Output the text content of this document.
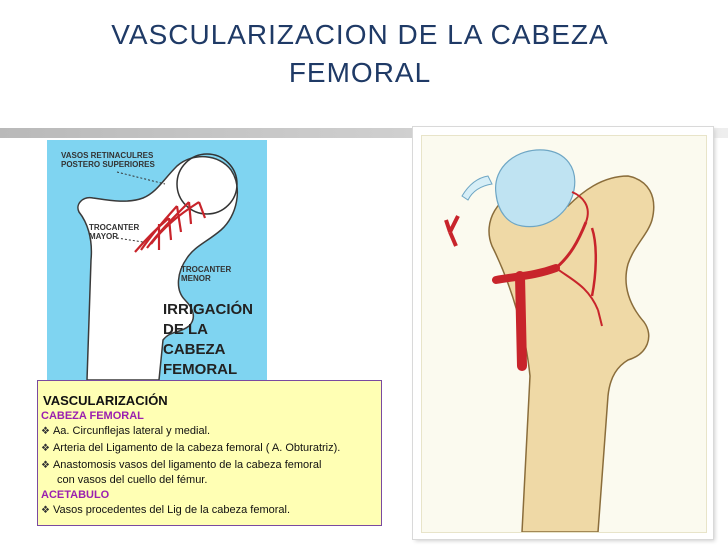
VASCULARIZACION DE LA CABEZA
FEMORAL
VASOS RETINACULRES
POSTERO SUPERIORES
TROCANTER
MAYOR
TROCANTER
MENOR
IRRIGACIÓN
DE LA
CABEZA
FEMORAL
VASCULARIZACIÓN
CABEZA FEMORAL
❖ Aa. Circunflejas lateral y medial.
❖ Arteria del Ligamento de la cabeza femoral ( A. Obturatriz).
❖ Anastomosis vasos del ligamento de la cabeza femoral
con vasos del cuello del fémur.
ACETABULO
❖ Vasos procedentes del Lig de la cabeza femoral.
